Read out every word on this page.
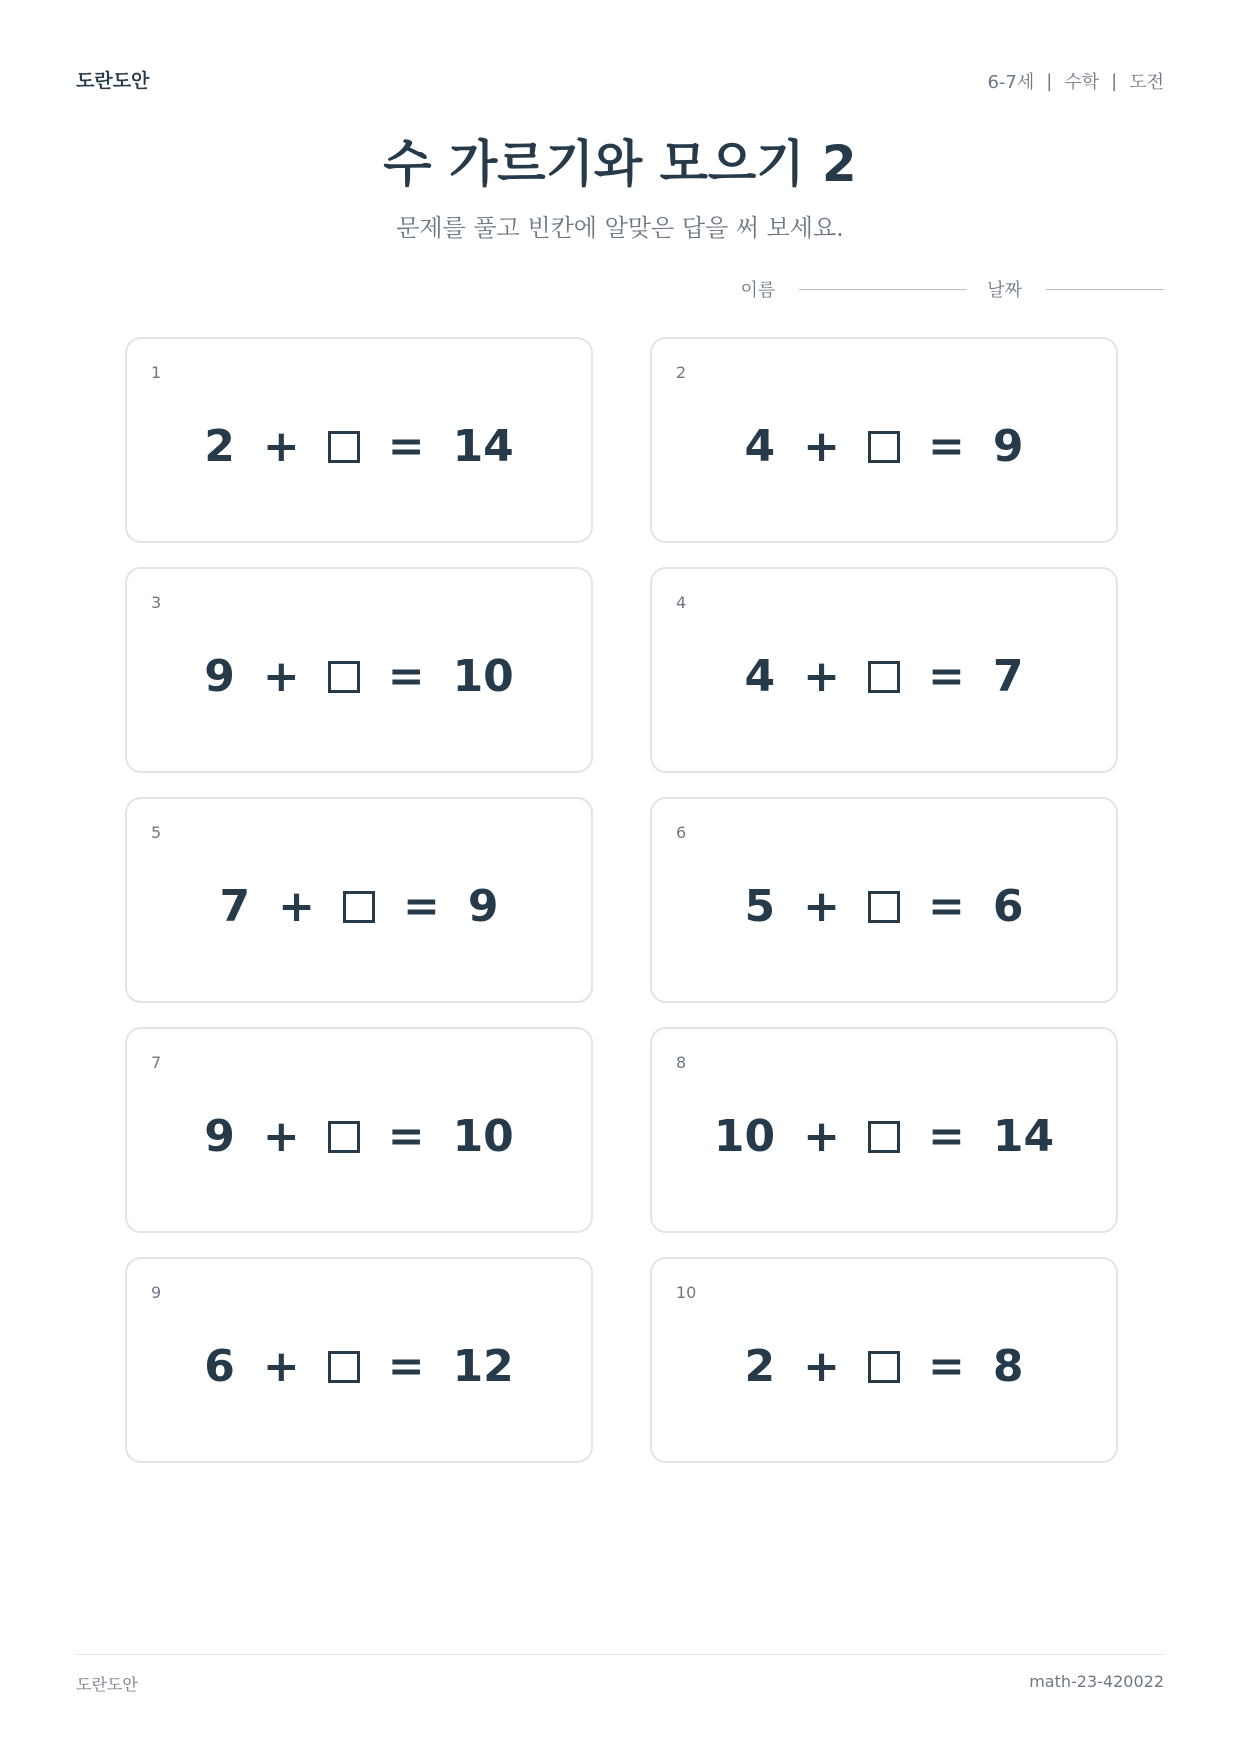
도란도안	6-7세 | 수학 | 도전
수 가르기와 모으기 2
문제를 풀고 빈칸에 알맞은 답을 써 보세요.
이름	날짜
1
2 + = 14
2
4 + = 9
3
9 + = 10
4
4 + = 7
5
7 + = 9
6
5 + = 6
7
9 + = 10
8
10 + = 14
9
6 + = 12
10
2 + = 8
도란도안	math-23-420022
